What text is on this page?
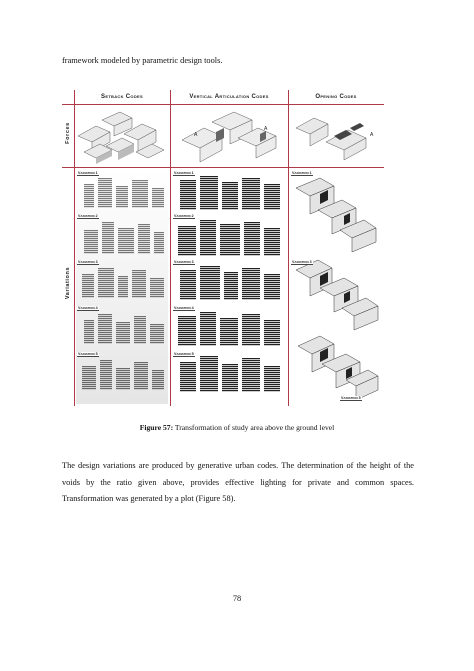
framework modeled by parametric design tools.

Setback Codes	Vertical Articulation Codes	Opening Codes
Forces
Variations
A
A
A
Variation 1
Variation 2
Variation 3
Variation 4
Variation 5
Variation 1
Variation 2
Variation 3
Variation 4
Variation 5
Variation 1
Variation 3
Variation 5

Figure 57: Transformation of study area above the ground level

The design variations are produced by generative urban codes. The determination of the height of the voids by the ratio given above, provides effective lighting for private and common spaces. Transformation was generated by a plot (Figure 58).

78
